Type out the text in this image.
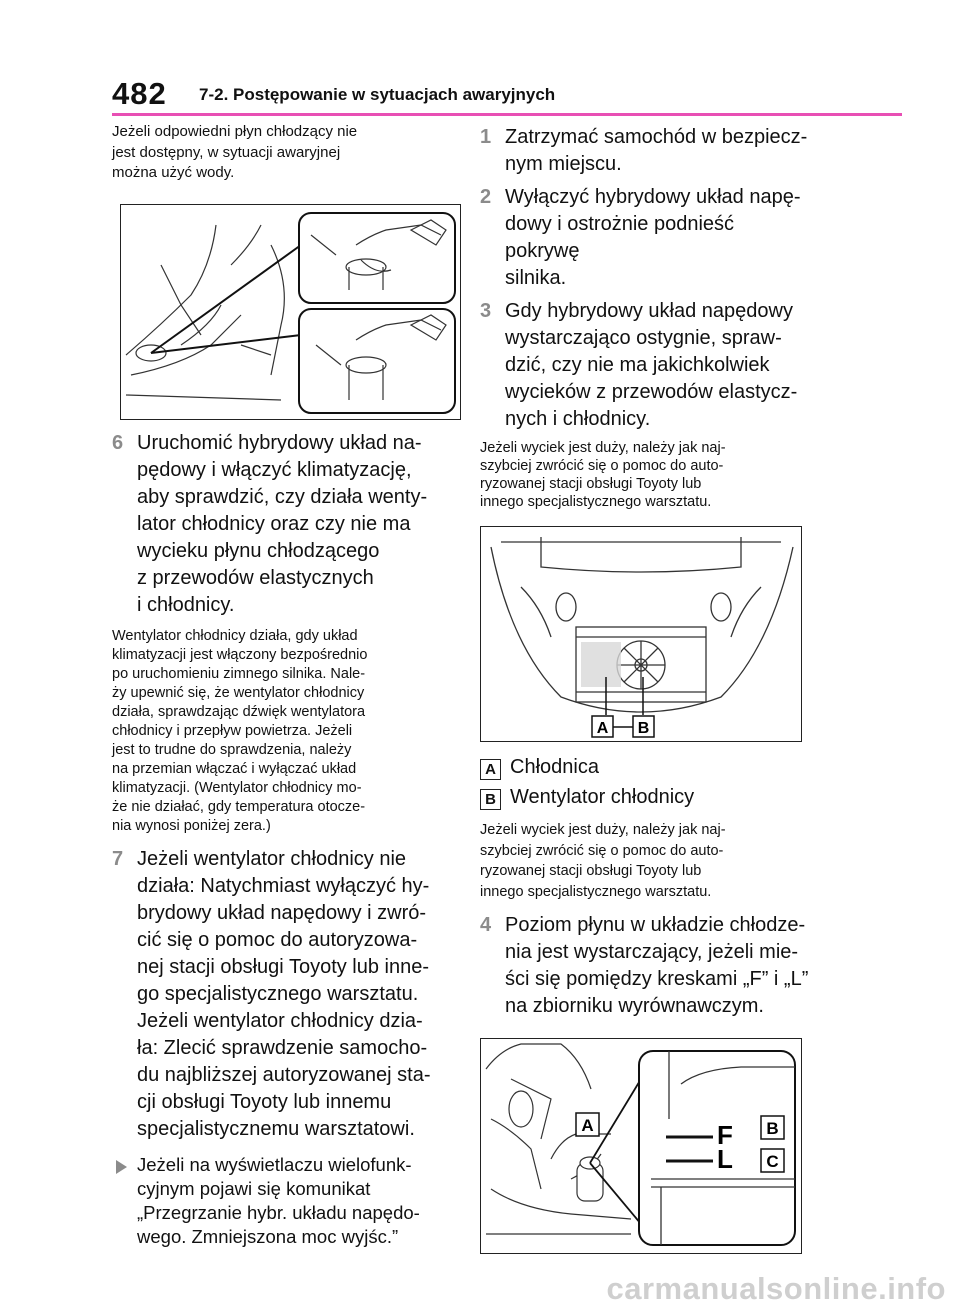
482 7-2. Postępowanie w sytuacjach awaryjnych

Jeżeli odpowiedni płyn chłodzący nie
jest dostępny, w sytuacji awaryjnej
można użyć wody.

6 Uruchomić hybrydowy układ na-
pędowy i włączyć klimatyzację,
aby sprawdzić, czy działa wenty-
lator chłodnicy oraz czy nie ma
wycieku płynu chłodzącego
z przewodów elastycznych
i chłodnicy.

Wentylator chłodnicy działa, gdy układ
klimatyzacji jest włączony bezpośrednio
po uruchomieniu zimnego silnika. Nale-
ży upewnić się, że wentylator chłodnicy
działa, sprawdzając dźwięk wentylatora
chłodnicy i przepływ powietrza. Jeżeli
jest to trudne do sprawdzenia, należy
na przemian włączać i wyłączać układ
klimatyzacji. (Wentylator chłodnicy mo-
że nie działać, gdy temperatura otocze-
nia wynosi poniżej zera.)

7 Jeżeli wentylator chłodnicy nie
działa: Natychmiast wyłączyć hy-
brydowy układ napędowy i zwró-
cić się o pomoc do autoryzowa-
nej stacji obsługi Toyoty lub inne-
go specjalistycznego warsztatu.
Jeżeli wentylator chłodnicy dzia-
ła: Zlecić sprawdzenie samocho-
du najbliższej autoryzowanej sta-
cji obsługi Toyoty lub innemu
specjalistycznemu warsztatowi.
Jeżeli na wyświetlaczu wielofunk-
cyjnym pojawi się komunikat
„Przegrzanie hybr. układu napędo-
wego. Zmniejszona moc wyjśc.”
1 Zatrzymać samochód w bezpiecz-
nym miejscu.
2 Wyłączyć hybrydowy układ napę-
dowy i ostrożnie podnieść pokrywę
silnika.
3 Gdy hybrydowy układ napędowy
wystarczająco ostygnie, spraw-
dzić, czy nie ma jakichkolwiek
wycieków z przewodów elastycz-
nych i chłodnicy.

Jeżeli wyciek jest duży, należy jak naj-
szybciej zwrócić się o pomoc do auto-
ryzowanej stacji obsługi Toyoty lub
innego specjalistycznego warsztatu.

A B
A Chłodnica
B Wentylator chłodnicy

Jeżeli wyciek jest duży, należy jak naj-
szybciej zwrócić się o pomoc do auto-
ryzowanej stacji obsługi Toyoty lub
innego specjalistycznego warsztatu.

4 Poziom płynu w układzie chłodze-
nia jest wystarczający, jeżeli mie-
ści się pomiędzy kreskami „F” i „L”
na zbiorniku wyrównawczym.
F
L
A	B
C
carmanualsonline.info
